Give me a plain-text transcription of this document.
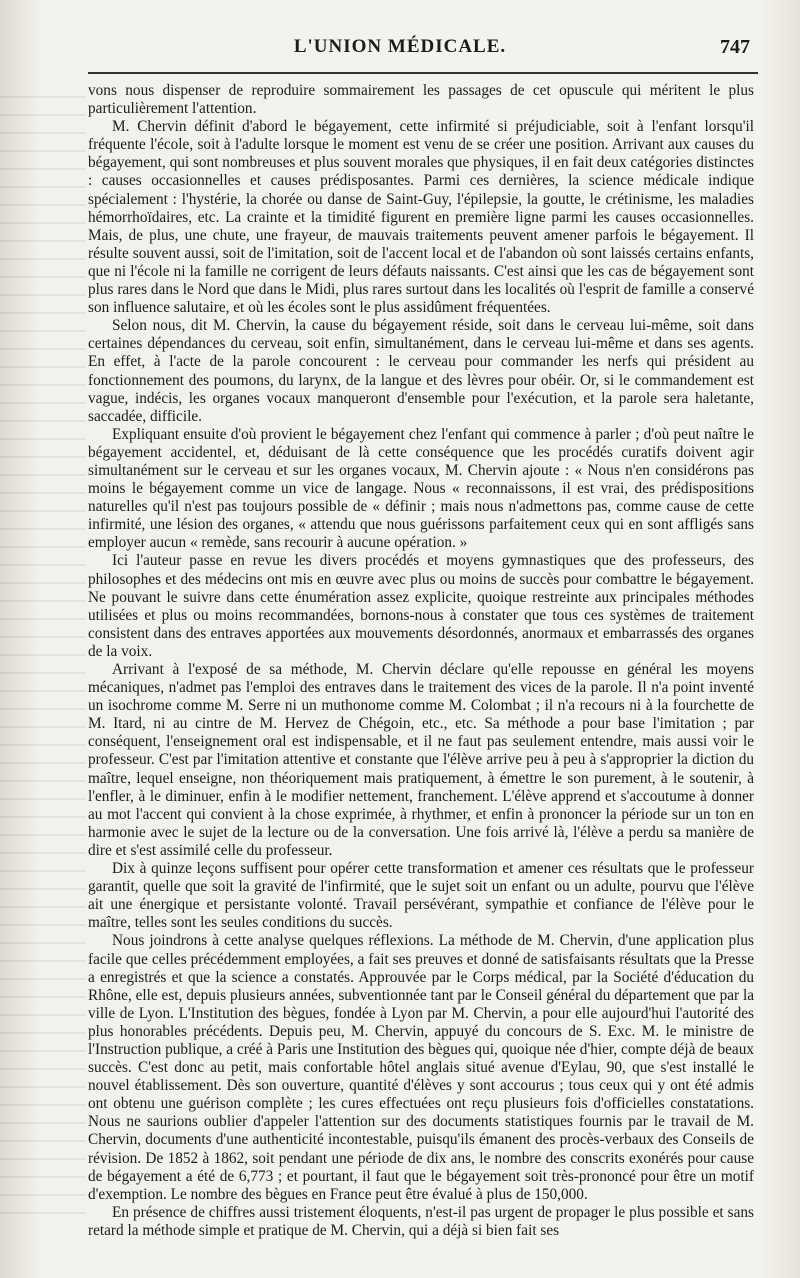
L'UNION MÉDICALE.	747

vons nous dispenser de reproduire sommairement les passages de cet opuscule qui méritent le plus particulièrement l'attention.

M. Chervin définit d'abord le bégayement, cette infirmité si préjudiciable, soit à l'enfant lorsqu'il fréquente l'école, soit à l'adulte lorsque le moment est venu de se créer une position. Arrivant aux causes du bégayement, qui sont nombreuses et plus souvent morales que physiques, il en fait deux catégories distinctes : causes occasionnelles et causes prédisposantes. Parmi ces dernières, la science médicale indique spécialement : l'hystérie, la chorée ou danse de Saint-Guy, l'épilepsie, la goutte, le crétinisme, les maladies hémorrhoïdaires, etc. La crainte et la timidité figurent en première ligne parmi les causes occasionnelles. Mais, de plus, une chute, une frayeur, de mauvais traitements peuvent amener parfois le bégayement. Il résulte souvent aussi, soit de l'imitation, soit de l'accent local et de l'abandon où sont laissés certains enfants, que ni l'école ni la famille ne corrigent de leurs défauts naissants. C'est ainsi que les cas de bégayement sont plus rares dans le Nord que dans le Midi, plus rares surtout dans les localités où l'esprit de famille a conservé son influence salutaire, et où les écoles sont le plus assidûment fréquentées.

Selon nous, dit M. Chervin, la cause du bégayement réside, soit dans le cerveau lui-même, soit dans certaines dépendances du cerveau, soit enfin, simultanément, dans le cerveau lui-même et dans ses agents. En effet, à l'acte de la parole concourent : le cerveau pour commander les nerfs qui président au fonctionnement des poumons, du larynx, de la langue et des lèvres pour obéir. Or, si le commandement est vague, indécis, les organes vocaux manqueront d'ensemble pour l'exécution, et la parole sera haletante, saccadée, difficile.

Expliquant ensuite d'où provient le bégayement chez l'enfant qui commence à parler ; d'où peut naître le bégayement accidentel, et, déduisant de là cette conséquence que les procédés curatifs doivent agir simultanément sur le cerveau et sur les organes vocaux, M. Chervin ajoute : « Nous n'en considérons pas moins le bégayement comme un vice de langage. Nous « reconnaissons, il est vrai, des prédispositions naturelles qu'il n'est pas toujours possible de « définir ; mais nous n'admettons pas, comme cause de cette infirmité, une lésion des organes, « attendu que nous guérissons parfaitement ceux qui en sont affligés sans employer aucun « remède, sans recourir à aucune opération. »

Ici l'auteur passe en revue les divers procédés et moyens gymnastiques que des professeurs, des philosophes et des médecins ont mis en œuvre avec plus ou moins de succès pour combattre le bégayement. Ne pouvant le suivre dans cette énumération assez explicite, quoique restreinte aux principales méthodes utilisées et plus ou moins recommandées, bornons-nous à constater que tous ces systèmes de traitement consistent dans des entraves apportées aux mouvements désordonnés, anormaux et embarrassés des organes de la voix.

Arrivant à l'exposé de sa méthode, M. Chervin déclare qu'elle repousse en général les moyens mécaniques, n'admet pas l'emploi des entraves dans le traitement des vices de la parole. Il n'a point inventé un isochrome comme M. Serre ni un muthonome comme M. Colombat ; il n'a recours ni à la fourchette de M. Itard, ni au cintre de M. Hervez de Chégoin, etc., etc. Sa méthode a pour base l'imitation ; par conséquent, l'enseignement oral est indispensable, et il ne faut pas seulement entendre, mais aussi voir le professeur. C'est par l'imitation attentive et constante que l'élève arrive peu à peu à s'approprier la diction du maître, lequel enseigne, non théoriquement mais pratiquement, à émettre le son purement, à le soutenir, à l'enfler, à le diminuer, enfin à le modifier nettement, franchement. L'élève apprend et s'accoutume à donner au mot l'accent qui convient à la chose exprimée, à rhythmer, et enfin à prononcer la période sur un ton en harmonie avec le sujet de la lecture ou de la conversation. Une fois arrivé là, l'élève a perdu sa manière de dire et s'est assimilé celle du professeur.

Dix à quinze leçons suffisent pour opérer cette transformation et amener ces résultats que le professeur garantit, quelle que soit la gravité de l'infirmité, que le sujet soit un enfant ou un adulte, pourvu que l'élève ait une énergique et persistante volonté. Travail persévérant, sympathie et confiance de l'élève pour le maître, telles sont les seules conditions du succès.

Nous joindrons à cette analyse quelques réflexions. La méthode de M. Chervin, d'une application plus facile que celles précédemment employées, a fait ses preuves et donné de satisfaisants résultats que la Presse a enregistrés et que la science a constatés. Approuvée par le Corps médical, par la Société d'éducation du Rhône, elle est, depuis plusieurs années, subventionnée tant par le Conseil général du département que par la ville de Lyon. L'Institution des bègues, fondée à Lyon par M. Chervin, a pour elle aujourd'hui l'autorité des plus honorables précédents. Depuis peu, M. Chervin, appuyé du concours de S. Exc. M. le ministre de l'Instruction publique, a créé à Paris une Institution des bègues qui, quoique née d'hier, compte déjà de beaux succès. C'est donc au petit, mais confortable hôtel anglais situé avenue d'Eylau, 90, que s'est installé le nouvel établissement. Dès son ouverture, quantité d'élèves y sont accourus ; tous ceux qui y ont été admis ont obtenu une guérison complète ; les cures effectuées ont reçu plusieurs fois d'officielles constatations. Nous ne saurions oublier d'appeler l'attention sur des documents statistiques fournis par le travail de M. Chervin, documents d'une authenticité incontestable, puisqu'ils émanent des procès-verbaux des Conseils de révision. De 1852 à 1862, soit pendant une période de dix ans, le nombre des conscrits exonérés pour cause de bégayement a été de 6,773 ; et pourtant, il faut que le bégayement soit très-prononcé pour être un motif d'exemption. Le nombre des bègues en France peut être évalué à plus de 150,000.

En présence de chiffres aussi tristement éloquents, n'est-il pas urgent de propager le plus possible et sans retard la méthode simple et pratique de M. Chervin, qui a déjà si bien fait ses
